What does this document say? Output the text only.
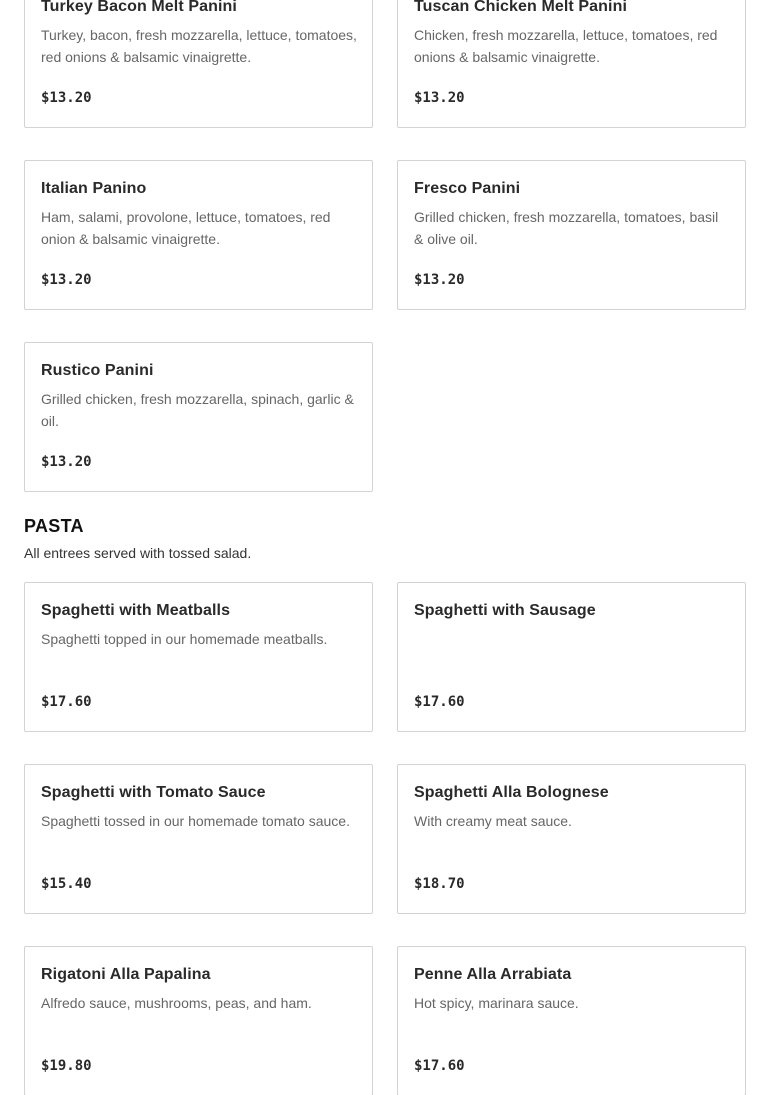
Turkey Bacon Melt Panini
Turkey, bacon, fresh mozzarella, lettuce, tomatoes, red onions & balsamic vinaigrette.
$13.20
Tuscan Chicken Melt Panini
Chicken, fresh mozzarella, lettuce, tomatoes, red onions & balsamic vinaigrette.
$13.20
Italian Panino
Ham, salami, provolone, lettuce, tomatoes, red onion & balsamic vinaigrette.
$13.20
Fresco Panini
Grilled chicken, fresh mozzarella, tomatoes, basil & olive oil.
$13.20
Rustico Panini
Grilled chicken, fresh mozzarella, spinach, garlic & oil.
$13.20
PASTA
All entrees served with tossed salad.
Spaghetti with Meatballs
Spaghetti topped in our homemade meatballs.
$17.60
Spaghetti with Sausage
$17.60
Spaghetti with Tomato Sauce
Spaghetti tossed in our homemade tomato sauce.
$15.40
Spaghetti Alla Bolognese
With creamy meat sauce.
$18.70
Rigatoni Alla Papalina
Alfredo sauce, mushrooms, peas, and ham.
$19.80
Penne Alla Arrabiata
Hot spicy, marinara sauce.
$17.60
